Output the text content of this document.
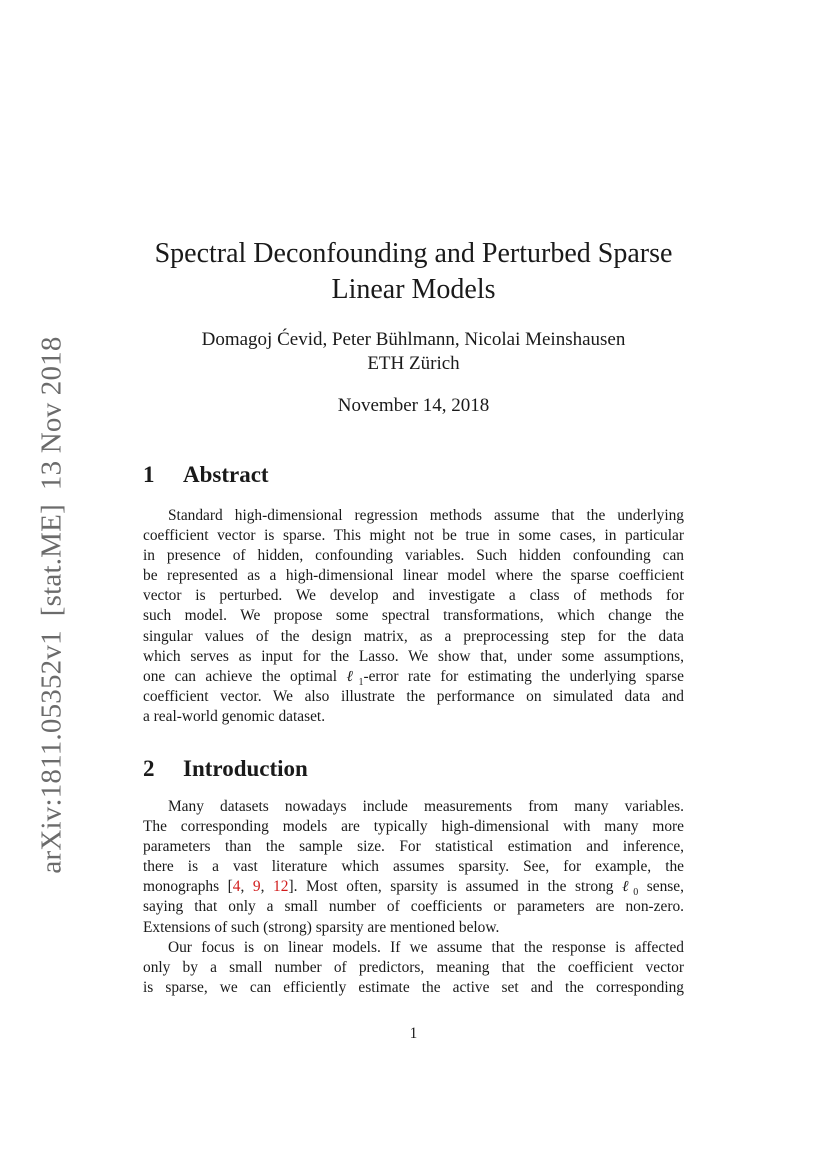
arXiv:1811.05352v1[stat.ME]13 Nov 2018
Spectral Deconfounding and Perturbed Sparse
Linear Models
Domagoj Ćevid, Peter Bühlmann, Nicolai Meinshausen
ETH Zürich
November 14, 2018
1 Abstract
Standard high-dimensional regression methods assume that the underlying
coefficient vector is sparse. This might not be true in some cases, in particular
in presence of hidden, confounding variables. Such hidden confounding can
be represented as a high-dimensional linear model where the sparse coefficient
vector is perturbed. We develop and investigate a class of methods for
such model. We propose some spectral transformations, which change the
singular values of the design matrix, as a preprocessing step for the data
which serves as input for the Lasso. We show that, under some assumptions,
one can achieve the optimal ℓ$_1$-error rate for estimating the underlying sparse
coefficient vector. We also illustrate the performance on simulated data and
a real-world genomic dataset.
2 Introduction
Many datasets nowadays include measurements from many variables.
The corresponding models are typically high-dimensional with many more
parameters than the sample size. For statistical estimation and inference,
there is a vast literature which assumes sparsity. See, for example, the
monographs [4, 9, 12]. Most often, sparsity is assumed in the strong ℓ$_0$ sense,
saying that only a small number of coefficients or parameters are non-zero.
Extensions of such (strong) sparsity are mentioned below.
Our focus is on linear models. If we assume that the response is affected
only by a small number of predictors, meaning that the coefficient vector
is sparse, we can efficiently estimate the active set and the corresponding
1
